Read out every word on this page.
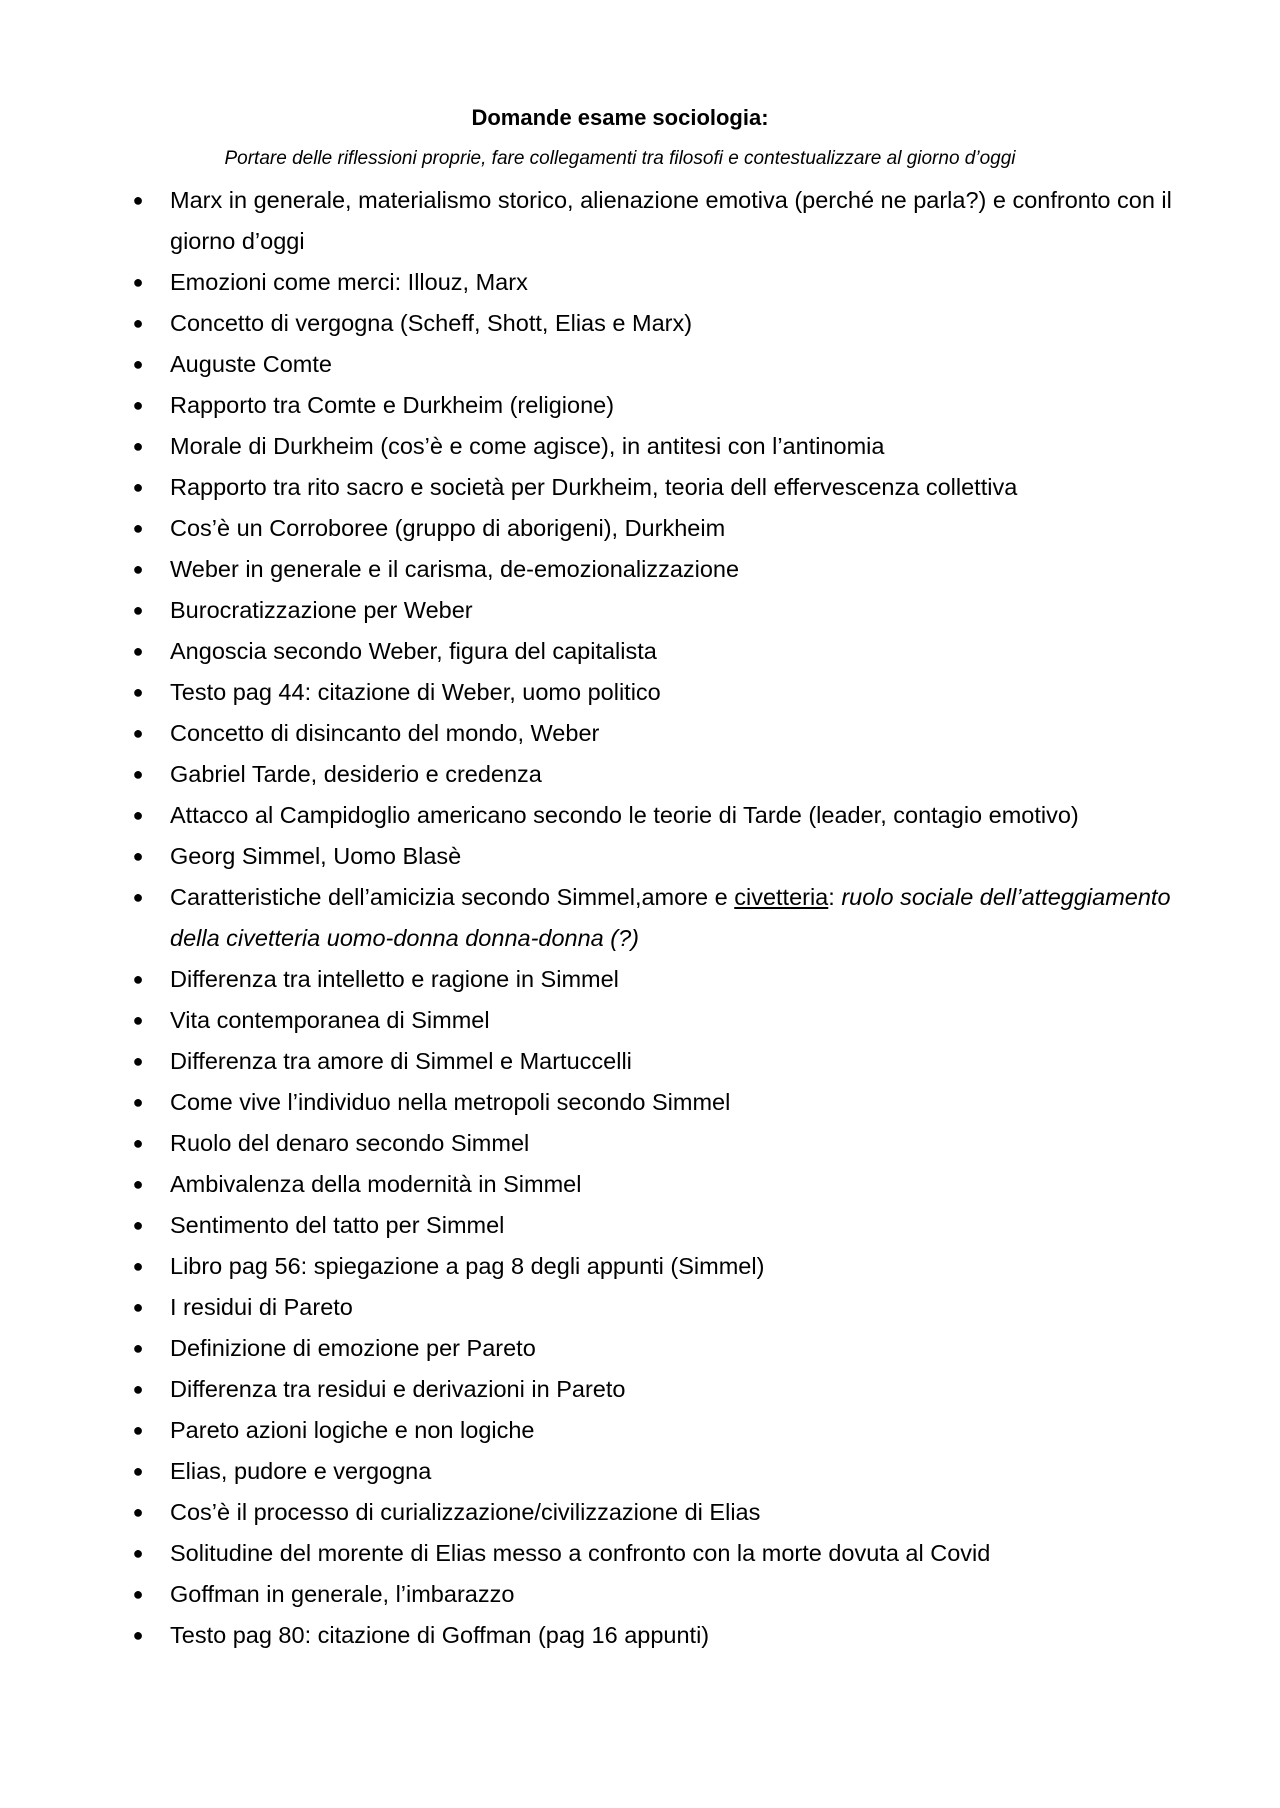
Domande esame sociologia:

Portare delle riflessioni proprie, fare collegamenti tra filosofi e contestualizzare al giorno d’oggi

● Marx in generale, materialismo storico, alienazione emotiva (perché ne parla?) e confronto con il giorno d’oggi
● Emozioni come merci: Illouz, Marx
● Concetto di vergogna (Scheff, Shott, Elias e Marx)
● Auguste Comte
● Rapporto tra Comte e Durkheim (religione)
● Morale di Durkheim (cos’è e come agisce), in antitesi con l’antinomia
● Rapporto tra rito sacro e società per Durkheim, teoria dell effervescenza collettiva
● Cos’è un Corroboree (gruppo di aborigeni), Durkheim
● Weber in generale e il carisma, de-emozionalizzazione
● Burocratizzazione per Weber
● Angoscia secondo Weber, figura del capitalista
● Testo pag 44: citazione di Weber, uomo politico
● Concetto di disincanto del mondo, Weber
● Gabriel Tarde, desiderio e credenza
● Attacco al Campidoglio americano secondo le teorie di Tarde (leader, contagio emotivo)
● Georg Simmel, Uomo Blasè
● Caratteristiche dell’amicizia secondo Simmel,amore e civetteria: ruolo sociale dell’atteggiamento della civetteria uomo-donna donna-donna (?)
● Differenza tra intelletto e ragione in Simmel
● Vita contemporanea di Simmel
● Differenza tra amore di Simmel e Martuccelli
● Come vive l’individuo nella metropoli secondo Simmel
● Ruolo del denaro secondo Simmel
● Ambivalenza della modernità in Simmel
● Sentimento del tatto per Simmel
● Libro pag 56: spiegazione a pag 8 degli appunti (Simmel)
● I residui di Pareto
● Definizione di emozione per Pareto
● Differenza tra residui e derivazioni in Pareto
● Pareto azioni logiche e non logiche
● Elias, pudore e vergogna
● Cos’è il processo di curializzazione/civilizzazione di Elias
● Solitudine del morente di Elias messo a confronto con la morte dovuta al Covid
● Goffman in generale, l’imbarazzo
● Testo pag 80: citazione di Goffman (pag 16 appunti)
